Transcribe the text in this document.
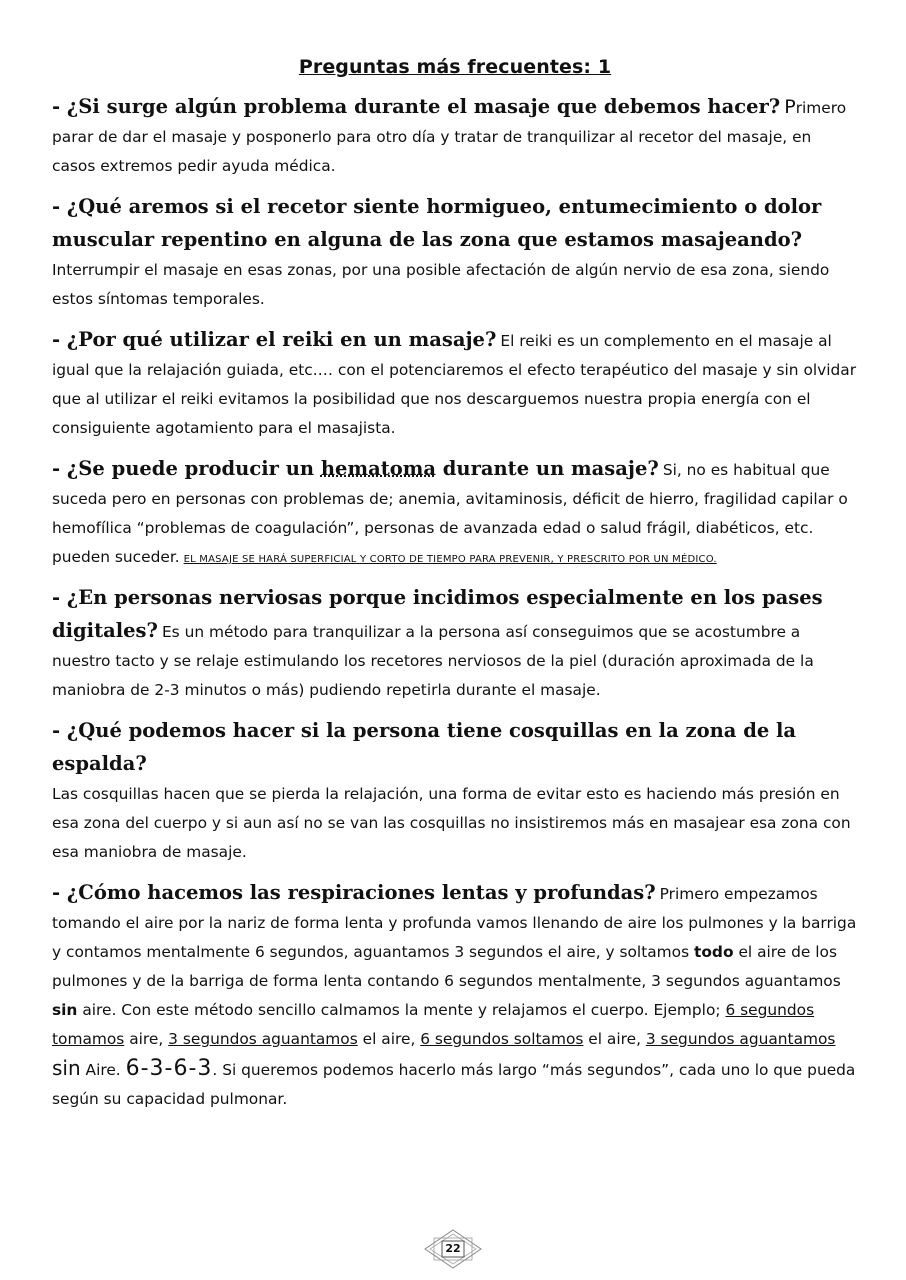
Preguntas más frecuentes: 1

- ¿Si surge algún problema durante el masaje que debemos hacer? Primero parar de dar el masaje y posponerlo para otro día y tratar de tranquilizar al recetor del masaje, en casos extremos pedir ayuda médica.

- ¿Qué aremos si el recetor siente hormigueo, entumecimiento o dolor muscular repentino en alguna de las zona que estamos masajeando?
Interrumpir el masaje en esas zonas, por una posible afectación de algún nervio de esa zona, siendo estos síntomas temporales.

- ¿Por qué utilizar el reiki en un masaje? El reiki es un complemento en el masaje al igual que la relajación guiada, etc.… con el potenciaremos el efecto terapéutico del masaje y sin olvidar que al utilizar el reiki evitamos la posibilidad que nos descarguemos nuestra propia energía con el consiguiente agotamiento para el masajista.

- ¿Se puede producir un hematoma durante un masaje? Si, no es habitual que suceda pero en personas con problemas de; anemia, avitaminosis, déficit de hierro, fragilidad capilar o hemofílica “problemas de coagulación”, personas de avanzada edad o salud frágil, diabéticos, etc. pueden suceder. EL MASAJE SE HARÁ SUPERFICIAL Y CORTO DE TIEMPO PARA PREVENIR, Y PRESCRITO POR UN MÉDICO.

- ¿En personas nerviosas porque incidimos especialmente en los pases digitales? Es un método para tranquilizar a la persona así conseguimos que se acostumbre a nuestro tacto y se relaje estimulando los recetores nerviosos de la piel (duración aproximada de la maniobra de 2-3 minutos o más) pudiendo repetirla durante el masaje.

- ¿Qué podemos hacer si la persona tiene cosquillas en la zona de la espalda?
Las cosquillas hacen que se pierda la relajación, una forma de evitar esto es haciendo más presión en esa zona del cuerpo y si aun así no se van las cosquillas no insistiremos más en masajear esa zona con esa maniobra de masaje.

- ¿Cómo hacemos las respiraciones lentas y profundas? Primero empezamos tomando el aire por la nariz de forma lenta y profunda vamos llenando de aire los pulmones y la barriga y contamos mentalmente 6 segundos, aguantamos 3 segundos el aire, y soltamos todo el aire de los pulmones y de la barriga de forma lenta contando 6 segundos mentalmente, 3 segundos aguantamos sin aire. Con este método sencillo calmamos la mente y relajamos el cuerpo. Ejemplo; 6 segundos tomamos aire, 3 segundos aguantamos el aire, 6 segundos soltamos el aire, 3 segundos aguantamos sin Aire. 6-3-6-3. Si queremos podemos hacerlo más largo “más segundos”, cada uno lo que pueda según su capacidad pulmonar.

22
